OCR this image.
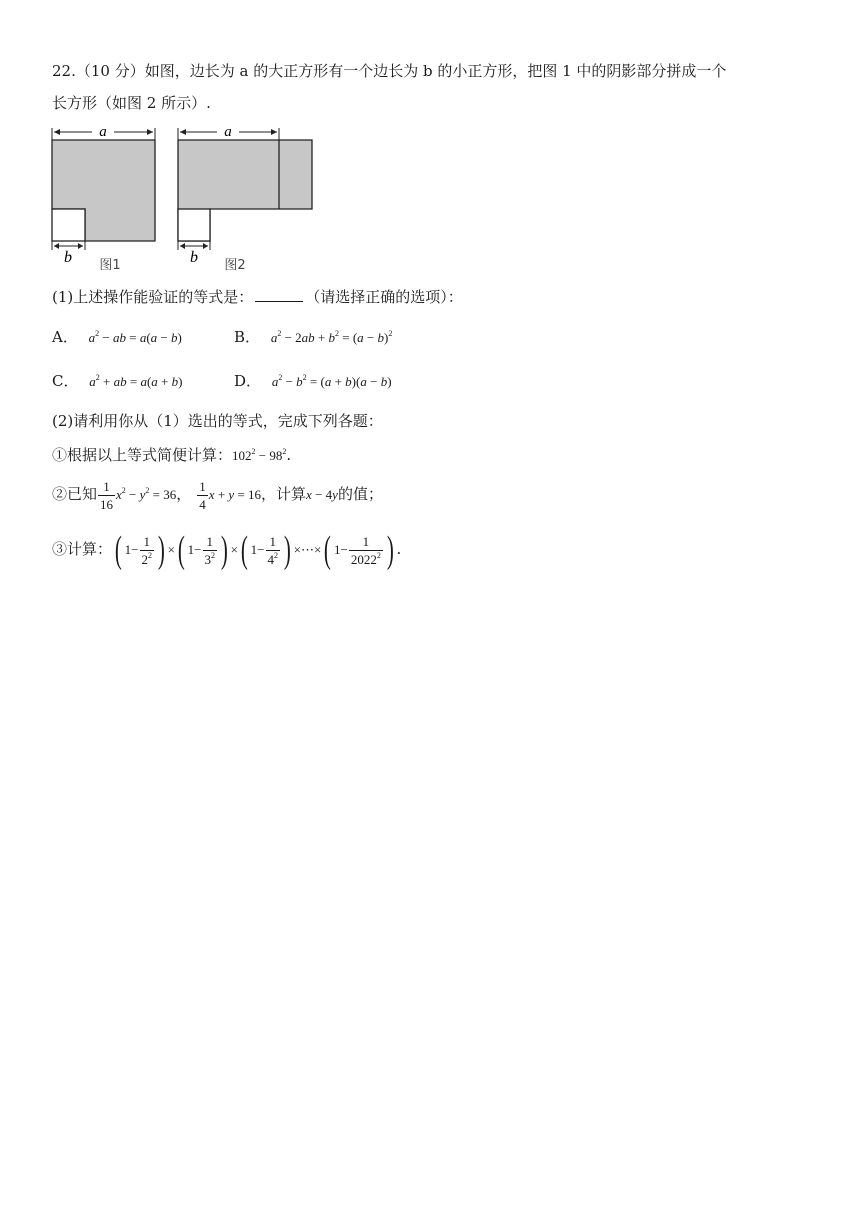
22.（10 分）如图，边长为 a 的大正方形有一个边长为 b 的小正方形，把图 1 中的阴影部分拼成一个
长方形（如图 2 所示）.
a
b 图1
a
b 图2
(1)上述操作能验证的等式是：	（请选择正确的选项）：
A． $a^2$ − ab = a(a − b)	B． $a^2 - 2ab + b^2 = (a - b)^2$
C． $a^2$ + ab = a(a + b)	D． $a^2 - b^2 = (a + b)(a - b)$
(2)请利用你从（1）选出的等式，完成下列各题：
①根据以上等式简便计算：$102^2 - 98^2$.
②已知 $\frac{1}{16} x^2 - y^2 = 36$， $\frac{1}{4}$ x + y = 16，计算x − 4y的值；
③计算：( $1- \frac{1}{2^2}$ ) ×( $1- \frac{1}{3^2}$ ) ×( $1- \frac{1}{4^2}$ ) ×⋯×( $1- \frac{1}{2022^2}$ ) .
